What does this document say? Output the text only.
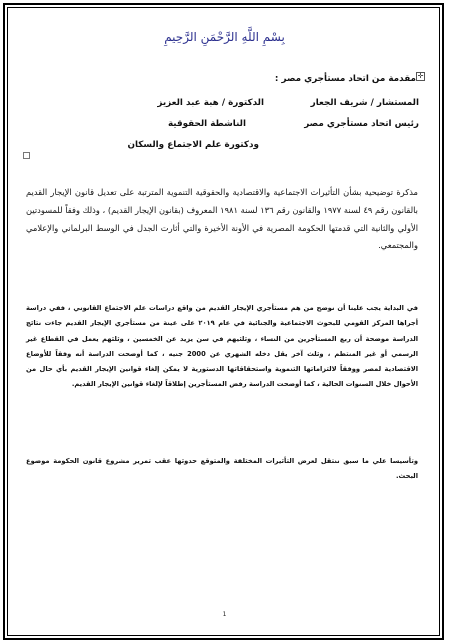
بِسْمِ اللَّهِ الرَّحْمَنِ الرَّحِيمِ
✛
مقدمة من اتحاد مستأجري مصر :
المستشار / شريف الجعار
الدكتورة / هبة عبد العزيز
رئيس اتحاد مستأجري مصر
الناشطة الحقوقية
ودكتورة علم الاجتماع والسكان
مذكرة توضيحية بشأن التأثيرات الاجتماعية والاقتصادية والحقوقية التنموية المترتبة على تعديل قانون الإيجار القديم بالقانون رقم ٤٩ لسنة ١٩٧٧ والقانون رقم ١٣٦ لسنة ١٩٨١ المعروف (بقانون الإيجار القديم) ، وذلك وفقاً للمسودتين الأولي والثانية التي قدمتها الحكومة المصرية في الأونة الأخيرة والتي أثارت الجدل في الوسط البرلماني والإعلامي والمجتمعي.
في البداية يجب علينا أن نوضح من هم مستأجري الإيجار القديم من واقع دراسات علم الاجتماع القانوني ، ففي دراسة أجراها المركز القومي للبحوث الاجتماعية والجنائية في عام ٢٠١٩ على عينة من مستأجري الإيجار القديم جاءت نتائج الدراسة موضحة أن ربع المستأجرين من النساء ، وثلثيهم في سن يزيد عن الخمسين ، وثلثهم يعمل في القطاع غير الرسمي أو غير المنتظم ، وثلث آخر يقل دخله الشهري عن 2000 جنيه ، كما أوضحت الدراسة أنه وفقاً للأوضاع الاقتصادية لمصر ووفقاً لالتزاماتها التنموية واستحقاقاتها الدستورية لا يمكن إلغاء قوانين الإيجار القديم بأي حال من الأحوال خلال السنوات الحالية ، كما أوضحت الدراسة رفض المستأجرين إطلاقاً لإلغاء قوانين الإيجار القديم.
وتأسيسا علي ما سبق ننتقل لعرض التأثيرات المختلفة والمتوقع حدوثها عقب تمرير مشروع قانون الحكومة موضوع البحث.
1
